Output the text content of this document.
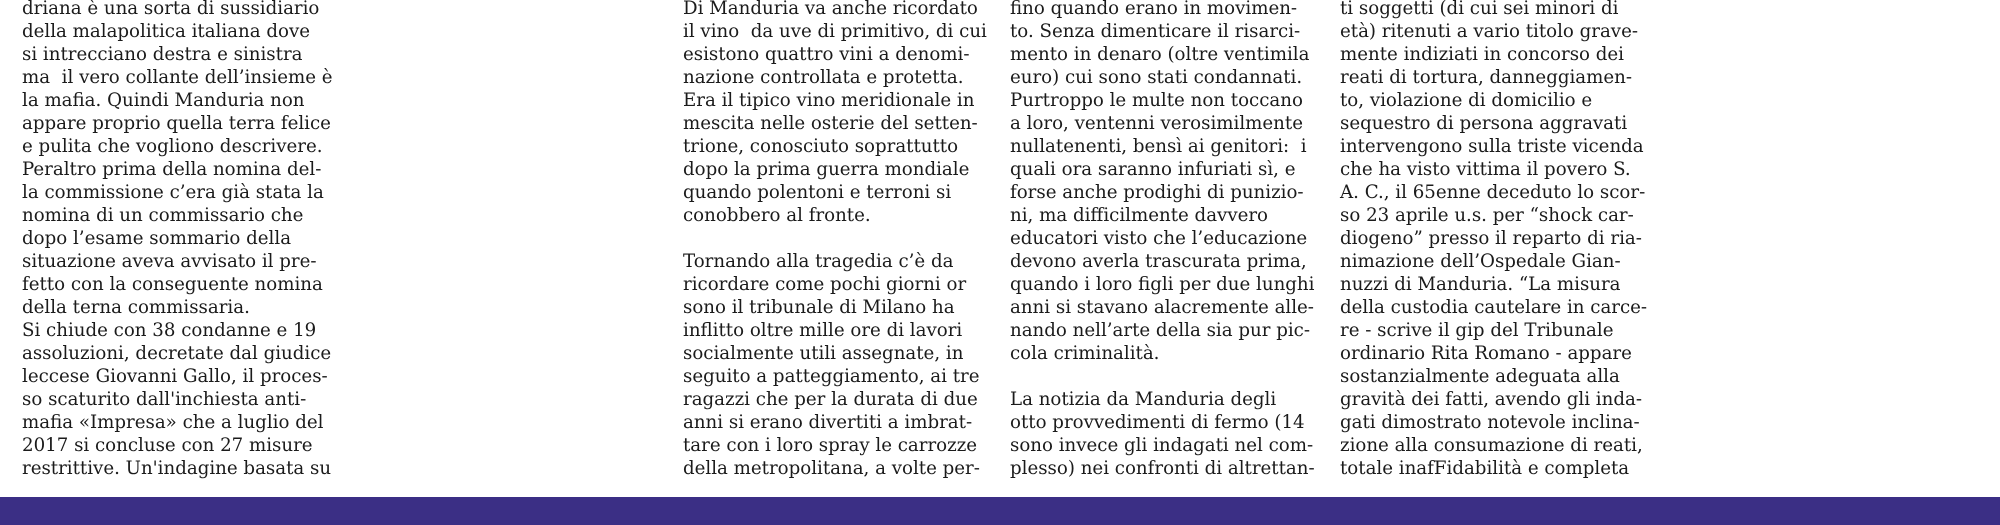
driana è una sorta di sussidiario
della malapolitica italiana dove
si intrecciano destra e sinistra
ma  il vero collante dell’insieme è
la mafia. Quindi Manduria non
appare proprio quella terra felice
e pulita che vogliono descrivere.
Peraltro prima della nomina del-
la commissione c’era già stata la
nomina di un commissario che
dopo l’esame sommario della
situazione aveva avvisato il pre-
fetto con la conseguente nomina
della terna commissaria.
Si chiude con 38 condanne e 19
assoluzioni, decretate dal giudice
leccese Giovanni Gallo, il proces-
so scaturito dall'inchiesta anti-
mafia «Impresa» che a luglio del
2017 si concluse con 27 misure
restrittive. Un'indagine basata su
Di Manduria va anche ricordato
il vino  da uve di primitivo, di cui
esistono quattro vini a denomi-
nazione controllata e protetta.
Era il tipico vino meridionale in
mescita nelle osterie del setten-
trione, conosciuto soprattutto
dopo la prima guerra mondiale
quando polentoni e terroni si
conobbero al fronte.
Tornando alla tragedia c’è da
ricordare come pochi giorni or
sono il tribunale di Milano ha
inflitto oltre mille ore di lavori
socialmente utili assegnate, in
seguito a patteggiamento, ai tre
ragazzi che per la durata di due
anni si erano divertiti a imbrat-
tare con i loro spray le carrozze
della metropolitana, a volte per-
fino quando erano in movimen-
to. Senza dimenticare il risarci-
mento in denaro (oltre ventimila
euro) cui sono stati condannati.
Purtroppo le multe non toccano
a loro, ventenni verosimilmente
nullatenenti, bensì ai genitori:  i
quali ora saranno infuriati sì, e
forse anche prodighi di punizio-
ni, ma difficilmente davvero
educatori visto che l’educazione
devono averla trascurata prima,
quando i loro figli per due lunghi
anni si stavano alacremente alle-
nando nell’arte della sia pur pic-
cola criminalità.
La notizia da Manduria degli
otto provvedimenti di fermo (14
sono invece gli indagati nel com-
plesso) nei confronti di altrettan-
ti soggetti (di cui sei minori di
età) ritenuti a vario titolo grave-
mente indiziati in concorso dei
reati di tortura, danneggiamen-
to, violazione di domicilio e
sequestro di persona aggravati
intervengono sulla triste vicenda
che ha visto vittima il povero S.
A. C., il 65enne deceduto lo scor-
so 23 aprile u.s. per “shock car-
diogeno” presso il reparto di ria-
nimazione dell’Ospedale Gian-
nuzzi di Manduria. “La misura
della custodia cautelare in carce-
re - scrive il gip del Tribunale
ordinario Rita Romano - appare
sostanzialmente adeguata alla
gravità dei fatti, avendo gli inda-
gati dimostrato notevole inclina-
zione alla consumazione di reati,
totale inafFidabilità e completa
